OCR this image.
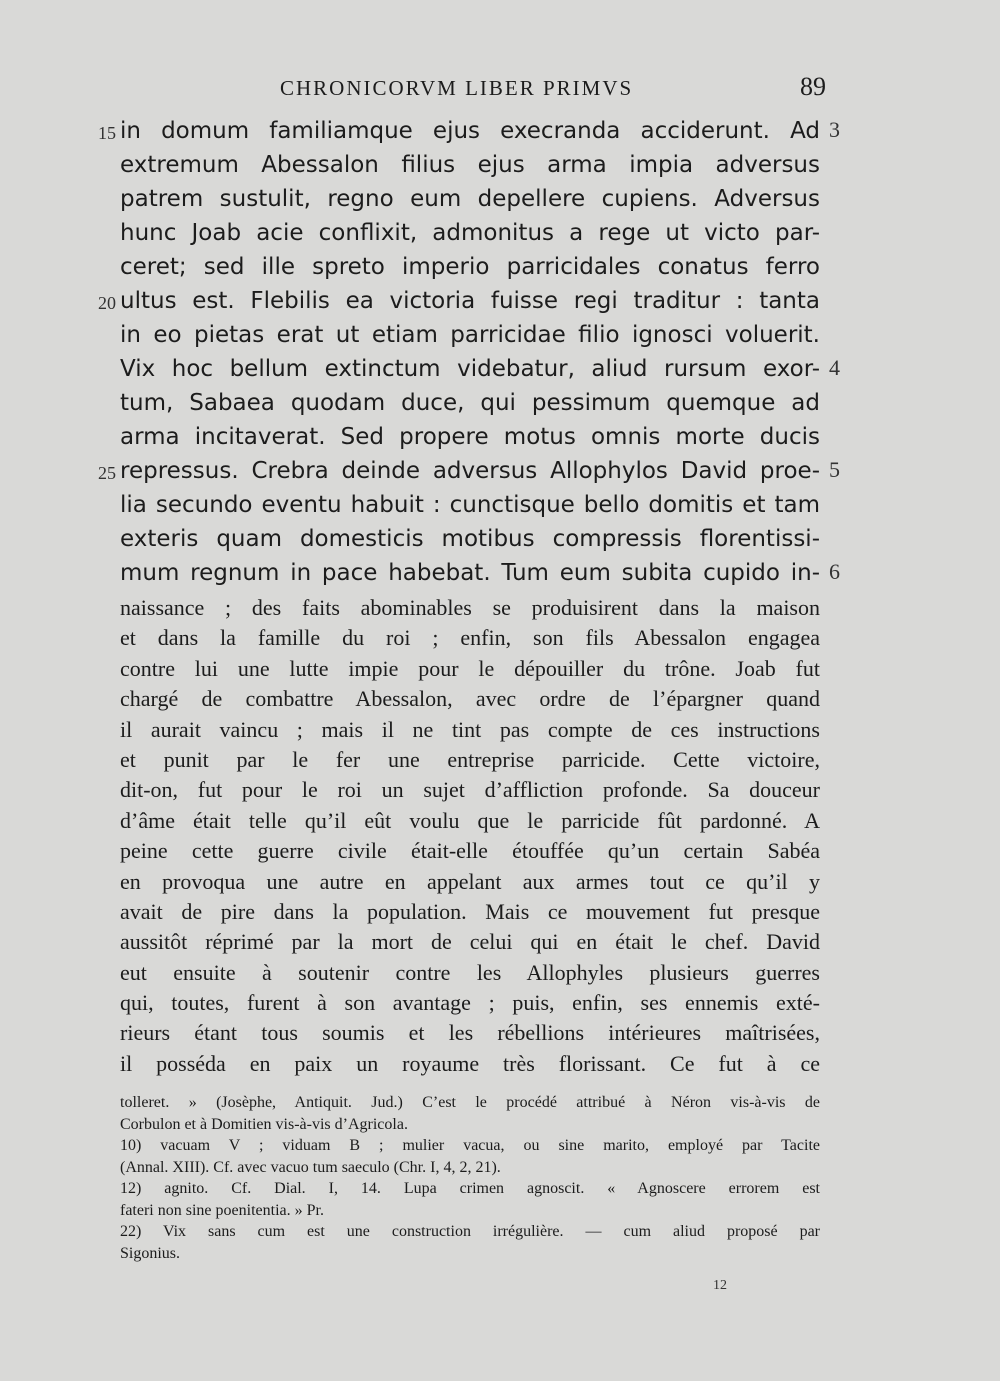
CHRONICORVM LIBER PRIMVS	89
15	3
in domum familiamque ejus execranda acciderunt. Ad
extremum Abessalon filius ejus arma impia adversus
patrem sustulit, regno eum depellere cupiens. Adversus
hunc Joab acie conflixit, admonitus a rege ut victo par-
ceret; sed ille spreto imperio parricidales conatus ferro
20 ultus est. Flebilis ea victoria fuisse regi traditur : tanta
in eo pietas erat ut etiam parricidae filio ignosci voluerit.
4
Vix hoc bellum extinctum videbatur, aliud rursum exor-
tum, Sabaea quodam duce, qui pessimum quemque ad
arma incitaverat. Sed propere motus omnis morte ducis
25	5
repressus. Crebra deinde adversus Allophylos David proe-
lia secundo eventu habuit : cunctisque bello domitis et tam
exteris quam domesticis motibus compressis florentissi-
6
mum regnum in pace habebat. Tum eum subita cupido in-
naissance ; des faits abominables se produisirent dans la maison
et dans la famille du roi ; enfin, son fils Abessalon engagea
contre lui une lutte impie pour le dépouiller du trône. Joab fut
chargé de combattre Abessalon, avec ordre de l’épargner quand
il aurait vaincu ; mais il ne tint pas compte de ces instructions
et punit par le fer une entreprise parricide. Cette victoire,
dit-on, fut pour le roi un sujet d’affliction profonde. Sa douceur
d’âme était telle qu’il eût voulu que le parricide fût pardonné. A
peine cette guerre civile était-elle étouffée qu’un certain Sabéa
en provoqua une autre en appelant aux armes tout ce qu’il y
avait de pire dans la population. Mais ce mouvement fut presque
aussitôt réprimé par la mort de celui qui en était le chef. David
eut ensuite à soutenir contre les Allophyles plusieurs guerres
qui, toutes, furent à son avantage ; puis, enfin, ses ennemis exté-
rieurs étant tous soumis et les rébellions intérieures maîtrisées,
il posséda en paix un royaume très florissant. Ce fut à ce
tolleret. » (Josèphe, Antiquit. Jud.) C’est le procédé attribué à Néron vis-à-vis de
Corbulon et à Domitien vis-à-vis d’Agricola.
10) vacuam V ; viduam B ; mulier vacua, ou sine marito, employé par Tacite
(Annal. XIII). Cf. avec vacuo tum saeculo (Chr. I, 4, 2, 21).
12) agnito. Cf. Dial. I, 14. Lupa crimen agnoscit. « Agnoscere errorem est
fateri non sine poenitentia. » Pr.
22) Vix sans cum est une construction irrégulière. — cum aliud proposé par
Sigonius.
12
